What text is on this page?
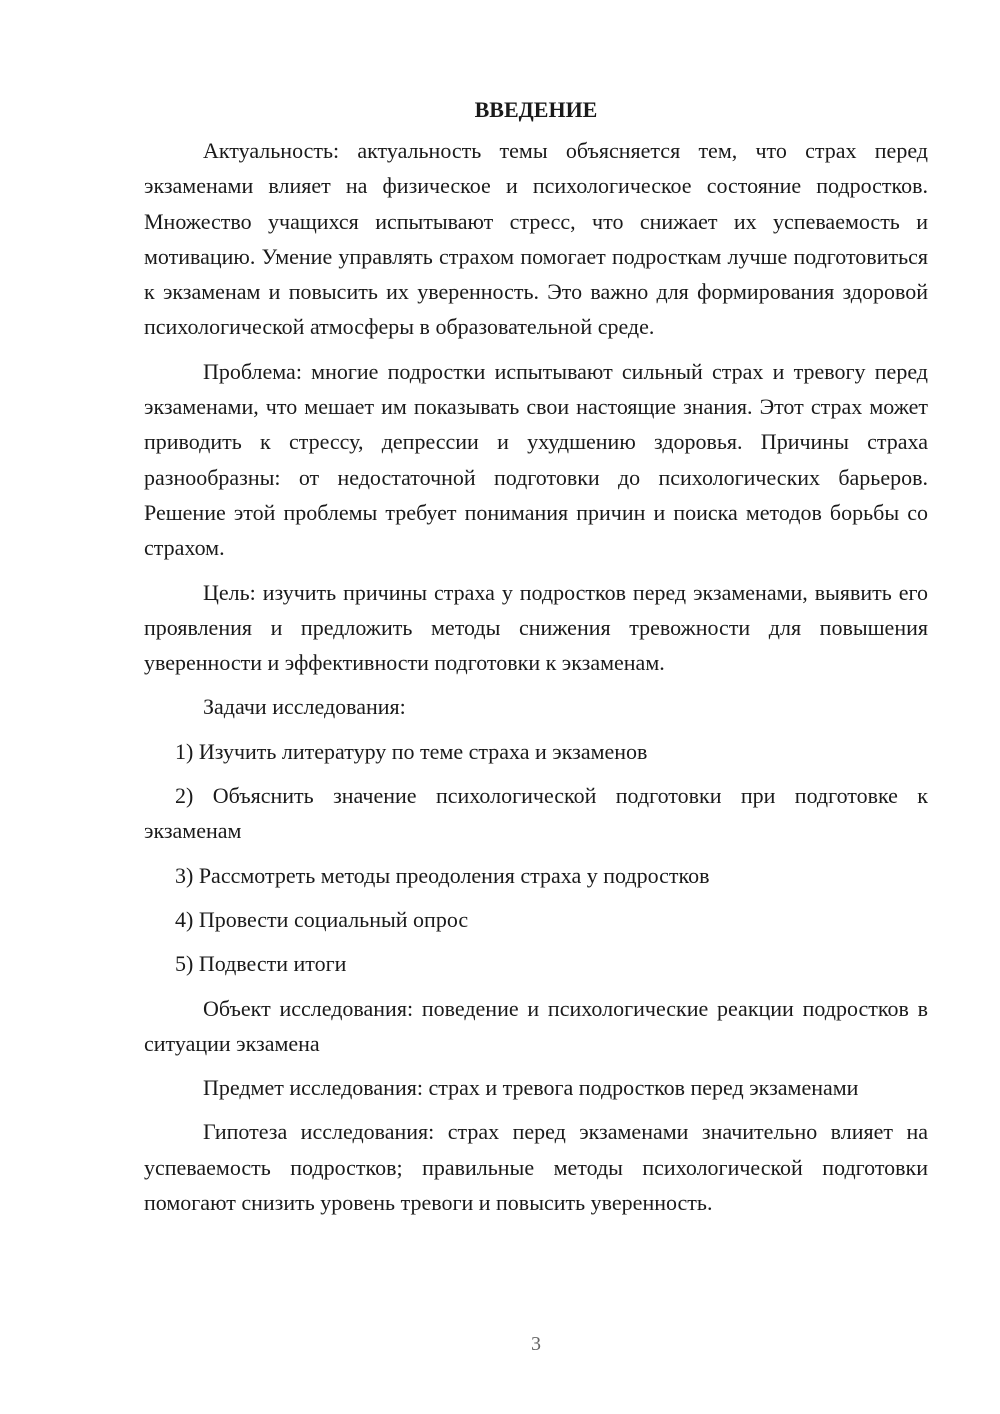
ВВЕДЕНИЕ

Актуальность: актуальность темы объясняется тем, что страх перед экзаменами влияет на физическое и психологическое состояние подростков. Множество учащихся испытывают стресс, что снижает их успеваемость и мотивацию. Умение управлять страхом помогает подросткам лучше подготовиться к экзаменам и повысить их уверенность. Это важно для формирования здоровой психологической атмосферы в образовательной среде.

Проблема: многие подростки испытывают сильный страх и тревогу перед экзаменами, что мешает им показывать свои настоящие знания. Этот страх может приводить к стрессу, депрессии и ухудшению здоровья. Причины страха разнообразны: от недостаточной подготовки до психологических барьеров. Решение этой проблемы требует понимания причин и поиска методов борьбы со страхом.

Цель: изучить причины страха у подростков перед экзаменами, выявить его проявления и предложить методы снижения тревожности для повышения уверенности и эффективности подготовки к экзаменам.

Задачи исследования:

1) Изучить литературу по теме страха и экзаменов

2) Объяснить значение психологической подготовки при подготовке к экзаменам

3) Рассмотреть методы преодоления страха у подростков

4) Провести социальный опрос

5) Подвести итоги

Объект исследования: поведение и психологические реакции подростков в ситуации экзамена

Предмет исследования: страх и тревога подростков перед экзаменами

Гипотеза исследования: страх перед экзаменами значительно влияет на успеваемость подростков; правильные методы психологической подготовки помогают снизить уровень тревоги и повысить уверенность.

3
